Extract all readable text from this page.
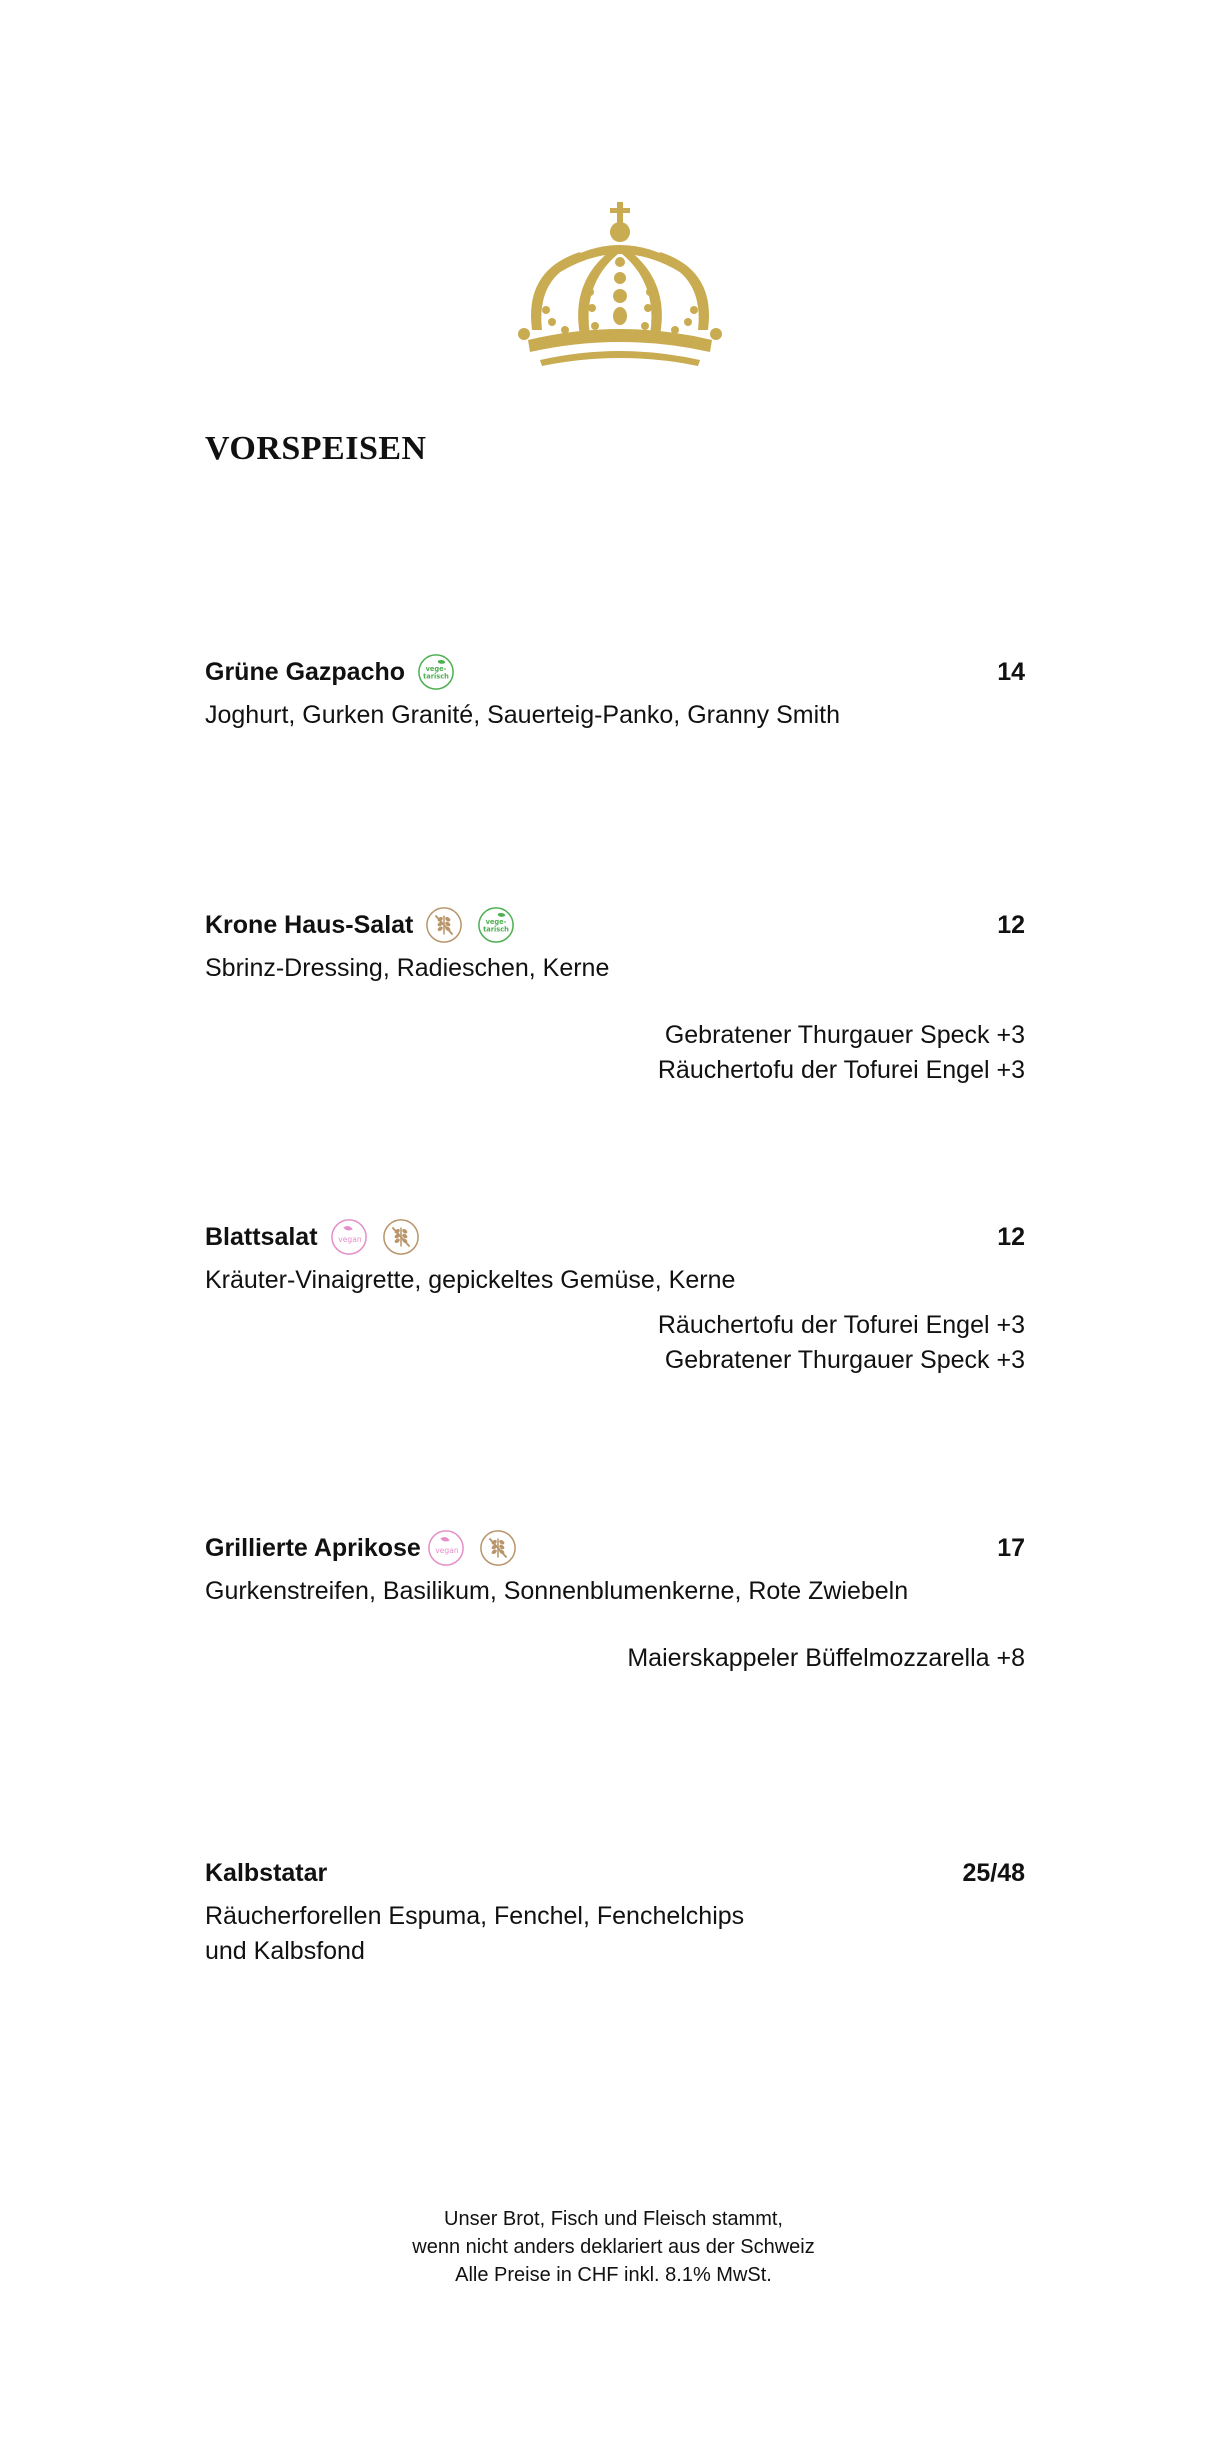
VORSPEISEN
Grüne Gazpacho	14
Joghurt, Gurken Granité, Sauerteig-Panko, Granny Smith
Krone Haus-Salat	12
Sbrinz-Dressing, Radieschen, Kerne
Gebratener Thurgauer Speck +3
Räuchertofu der Tofurei Engel +3
Blattsalat	12
Kräuter-Vinaigrette, gepickeltes Gemüse, Kerne
Räuchertofu der Tofurei Engel +3
Gebratener Thurgauer Speck +3
Grillierte Aprikose	17
Gurkenstreifen, Basilikum, Sonnenblumenkerne, Rote Zwiebeln
Maierskappeler Büffelmozzarella +8
Kalbstatar	25/48
Räucherforellen Espuma, Fenchel, Fenchelchips
und Kalbsfond
Unser Brot, Fisch und Fleisch stammt,
wenn nicht anders deklariert aus der Schweiz
Alle Preise in CHF inkl. 8.1% MwSt.
